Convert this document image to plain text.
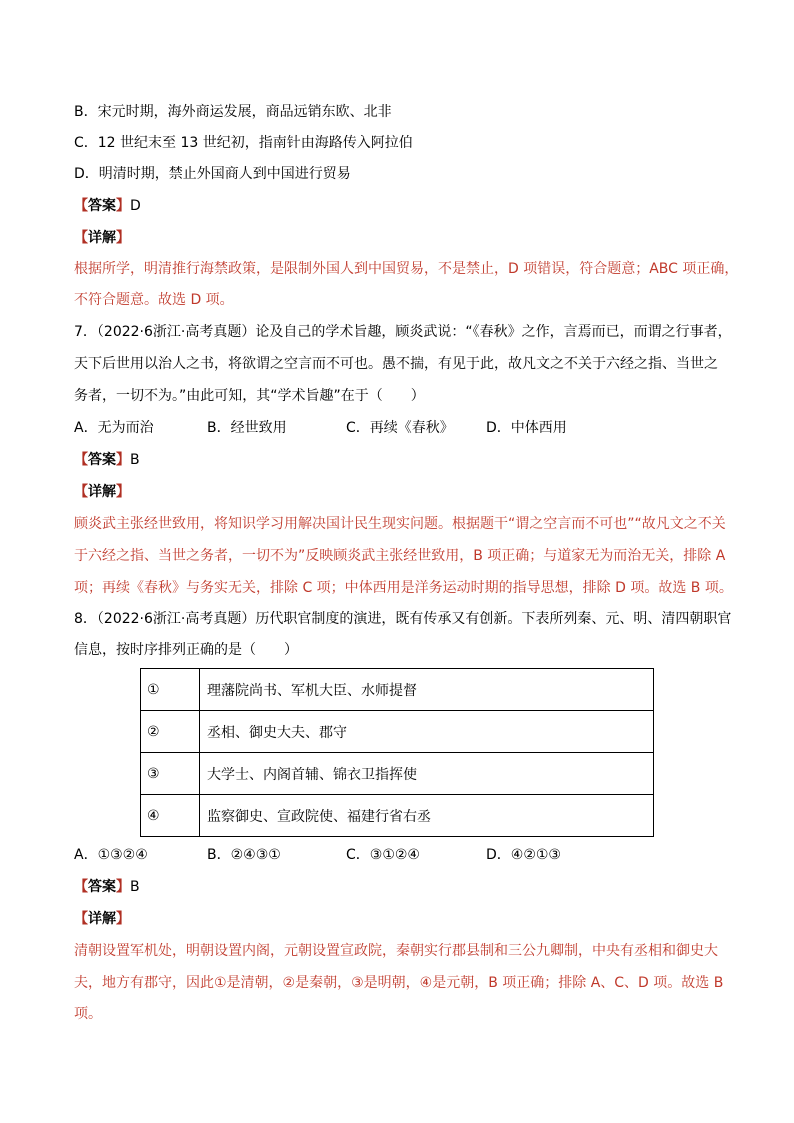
B．宋元时期，海外商运发展，商品远销东欧、北非
C．12 世纪末至 13 世纪初，指南针由海路传入阿拉伯
D．明清时期，禁止外国商人到中国进行贸易
【答案】D
【详解】
根据所学，明清推行海禁政策，是限制外国人到中国贸易，不是禁止，D 项错误，符合题意；ABC 项正确，
不符合题意。故选 D 项。
7．（2022·6浙江·高考真题）论及自己的学术旨趣，顾炎武说：“《春秋》之作，言焉而已，而谓之行事者，
天下后世用以治人之书，将欲谓之空言而不可也。愚不揣，有见于此，故凡文之不关于六经之指、当世之
务者，一切不为。”由此可知，其“学术旨趣”在于（　　）
A．无为而治	B．经世致用	C．再续《春秋》 D．中体西用
【答案】B
【详解】
顾炎武主张经世致用，将知识学习用解决国计民生现实问题。根据题干“谓之空言而不可也”“故凡文之不关
于六经之指、当世之务者，一切不为”反映顾炎武主张经世致用，B 项正确；与道家无为而治无关，排除 A
项；再续《春秋》与务实无关，排除 C 项；中体西用是洋务运动时期的指导思想，排除 D 项。故选 B 项。
8．（2022·6浙江·高考真题）历代职官制度的演进，既有传承又有创新。下表所列秦、元、明、清四朝职官
信息，按时序排列正确的是（　　）
①	理藩院尚书、军机大臣、水师提督
②	丞相、御史大夫、郡守
③	大学士、内阁首辅、锦衣卫指挥使
④	监察御史、宣政院使、福建行省右丞
A．①③②④	B．②④③①	C．③①②④	D．④②①③
【答案】B
【详解】
清朝设置军机处，明朝设置内阁，元朝设置宣政院，秦朝实行郡县制和三公九卿制，中央有丞相和御史大
夫，地方有郡守，因此①是清朝，②是秦朝，③是明朝，④是元朝，B 项正确；排除 A、C、D 项。故选 B
项。
